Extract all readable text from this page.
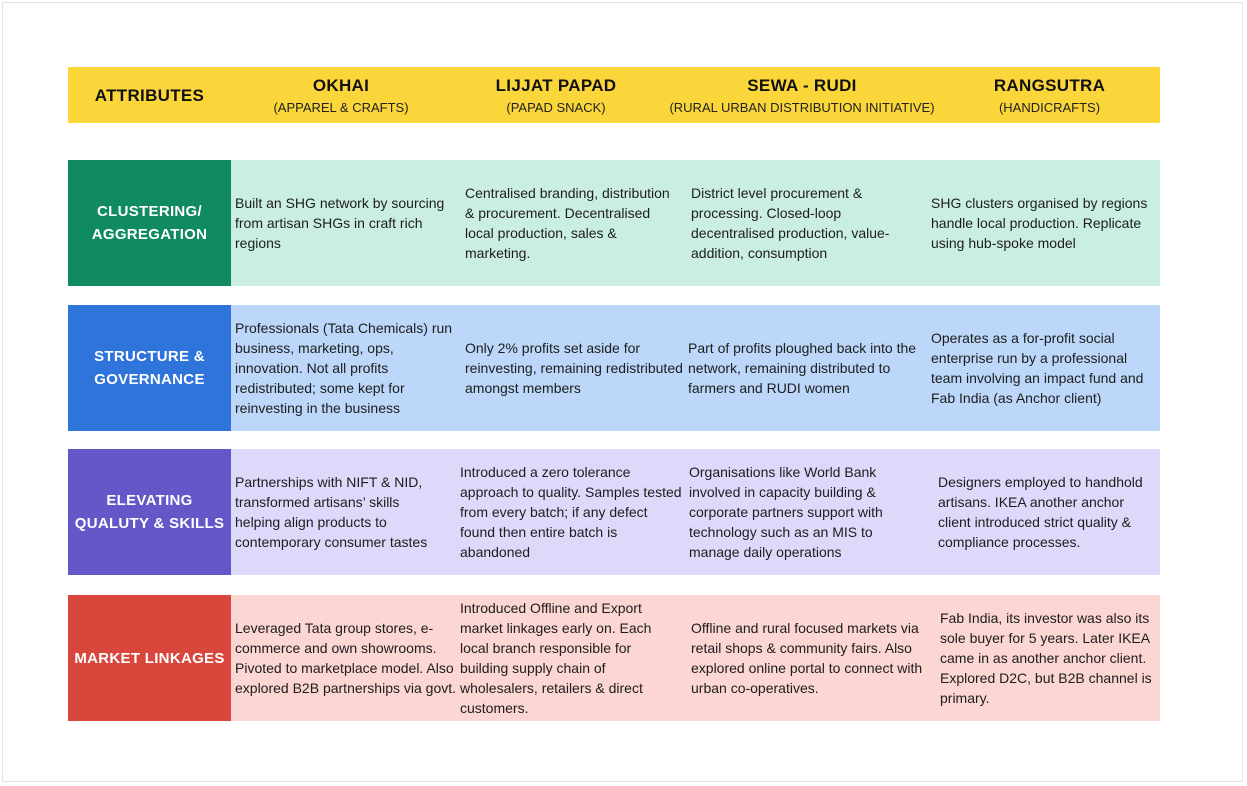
ATTRIBUTES
OKHAI
(APPAREL & CRAFTS)
LIJJAT PAPAD
(PAPAD SNACK)
SEWA - RUDI
(RURAL URBAN DISTRIBUTION INITIATIVE)
RANGSUTRA
(HANDICRAFTS)
CLUSTERING/
AGGREGATION
Built an SHG network by sourcing from artisan SHGs in craft rich regions
Centralised branding, distribution & procurement. Decentralised local production, sales & marketing.
District level procurement & processing. Closed-loop decentralised production, value-addition, consumption
SHG clusters organised by regions handle local production. Replicate using hub-spoke model
STRUCTURE &
GOVERNANCE
Professionals (Tata Chemicals) run business, marketing, ops, innovation. Not all profits redistributed; some kept for reinvesting in the business
Only 2% profits set aside for reinvesting, remaining redistributed amongst members
Part of profits ploughed back into the network, remaining distributed to farmers and RUDI women
Operates as a for-profit social enterprise run by a professional team involving an impact fund and Fab India (as Anchor client)
ELEVATING
QUALUTY & SKILLS
Partnerships with NIFT & NID, transformed artisans’ skills helping align products to contemporary consumer tastes
Introduced a zero tolerance approach to quality. Samples tested from every batch; if any defect found then entire batch is abandoned
Organisations like World Bank involved in capacity building & corporate partners support with technology such as an MIS to manage daily operations
Designers employed to handhold artisans. IKEA another anchor client introduced strict quality & compliance processes.
MARKET LINKAGES
Leveraged Tata group stores, e-commerce and own showrooms. Pivoted to marketplace model. Also explored B2B partnerships via govt.
Introduced Offline and Export market linkages early on. Each local branch responsible for building supply chain of wholesalers, retailers & direct customers.
Offline and rural focused markets via retail shops & community fairs. Also explored online portal to connect with urban co-operatives.
Fab India, its investor was also its sole buyer for 5 years. Later IKEA came in as another anchor client. Explored D2C, but B2B channel is primary.
